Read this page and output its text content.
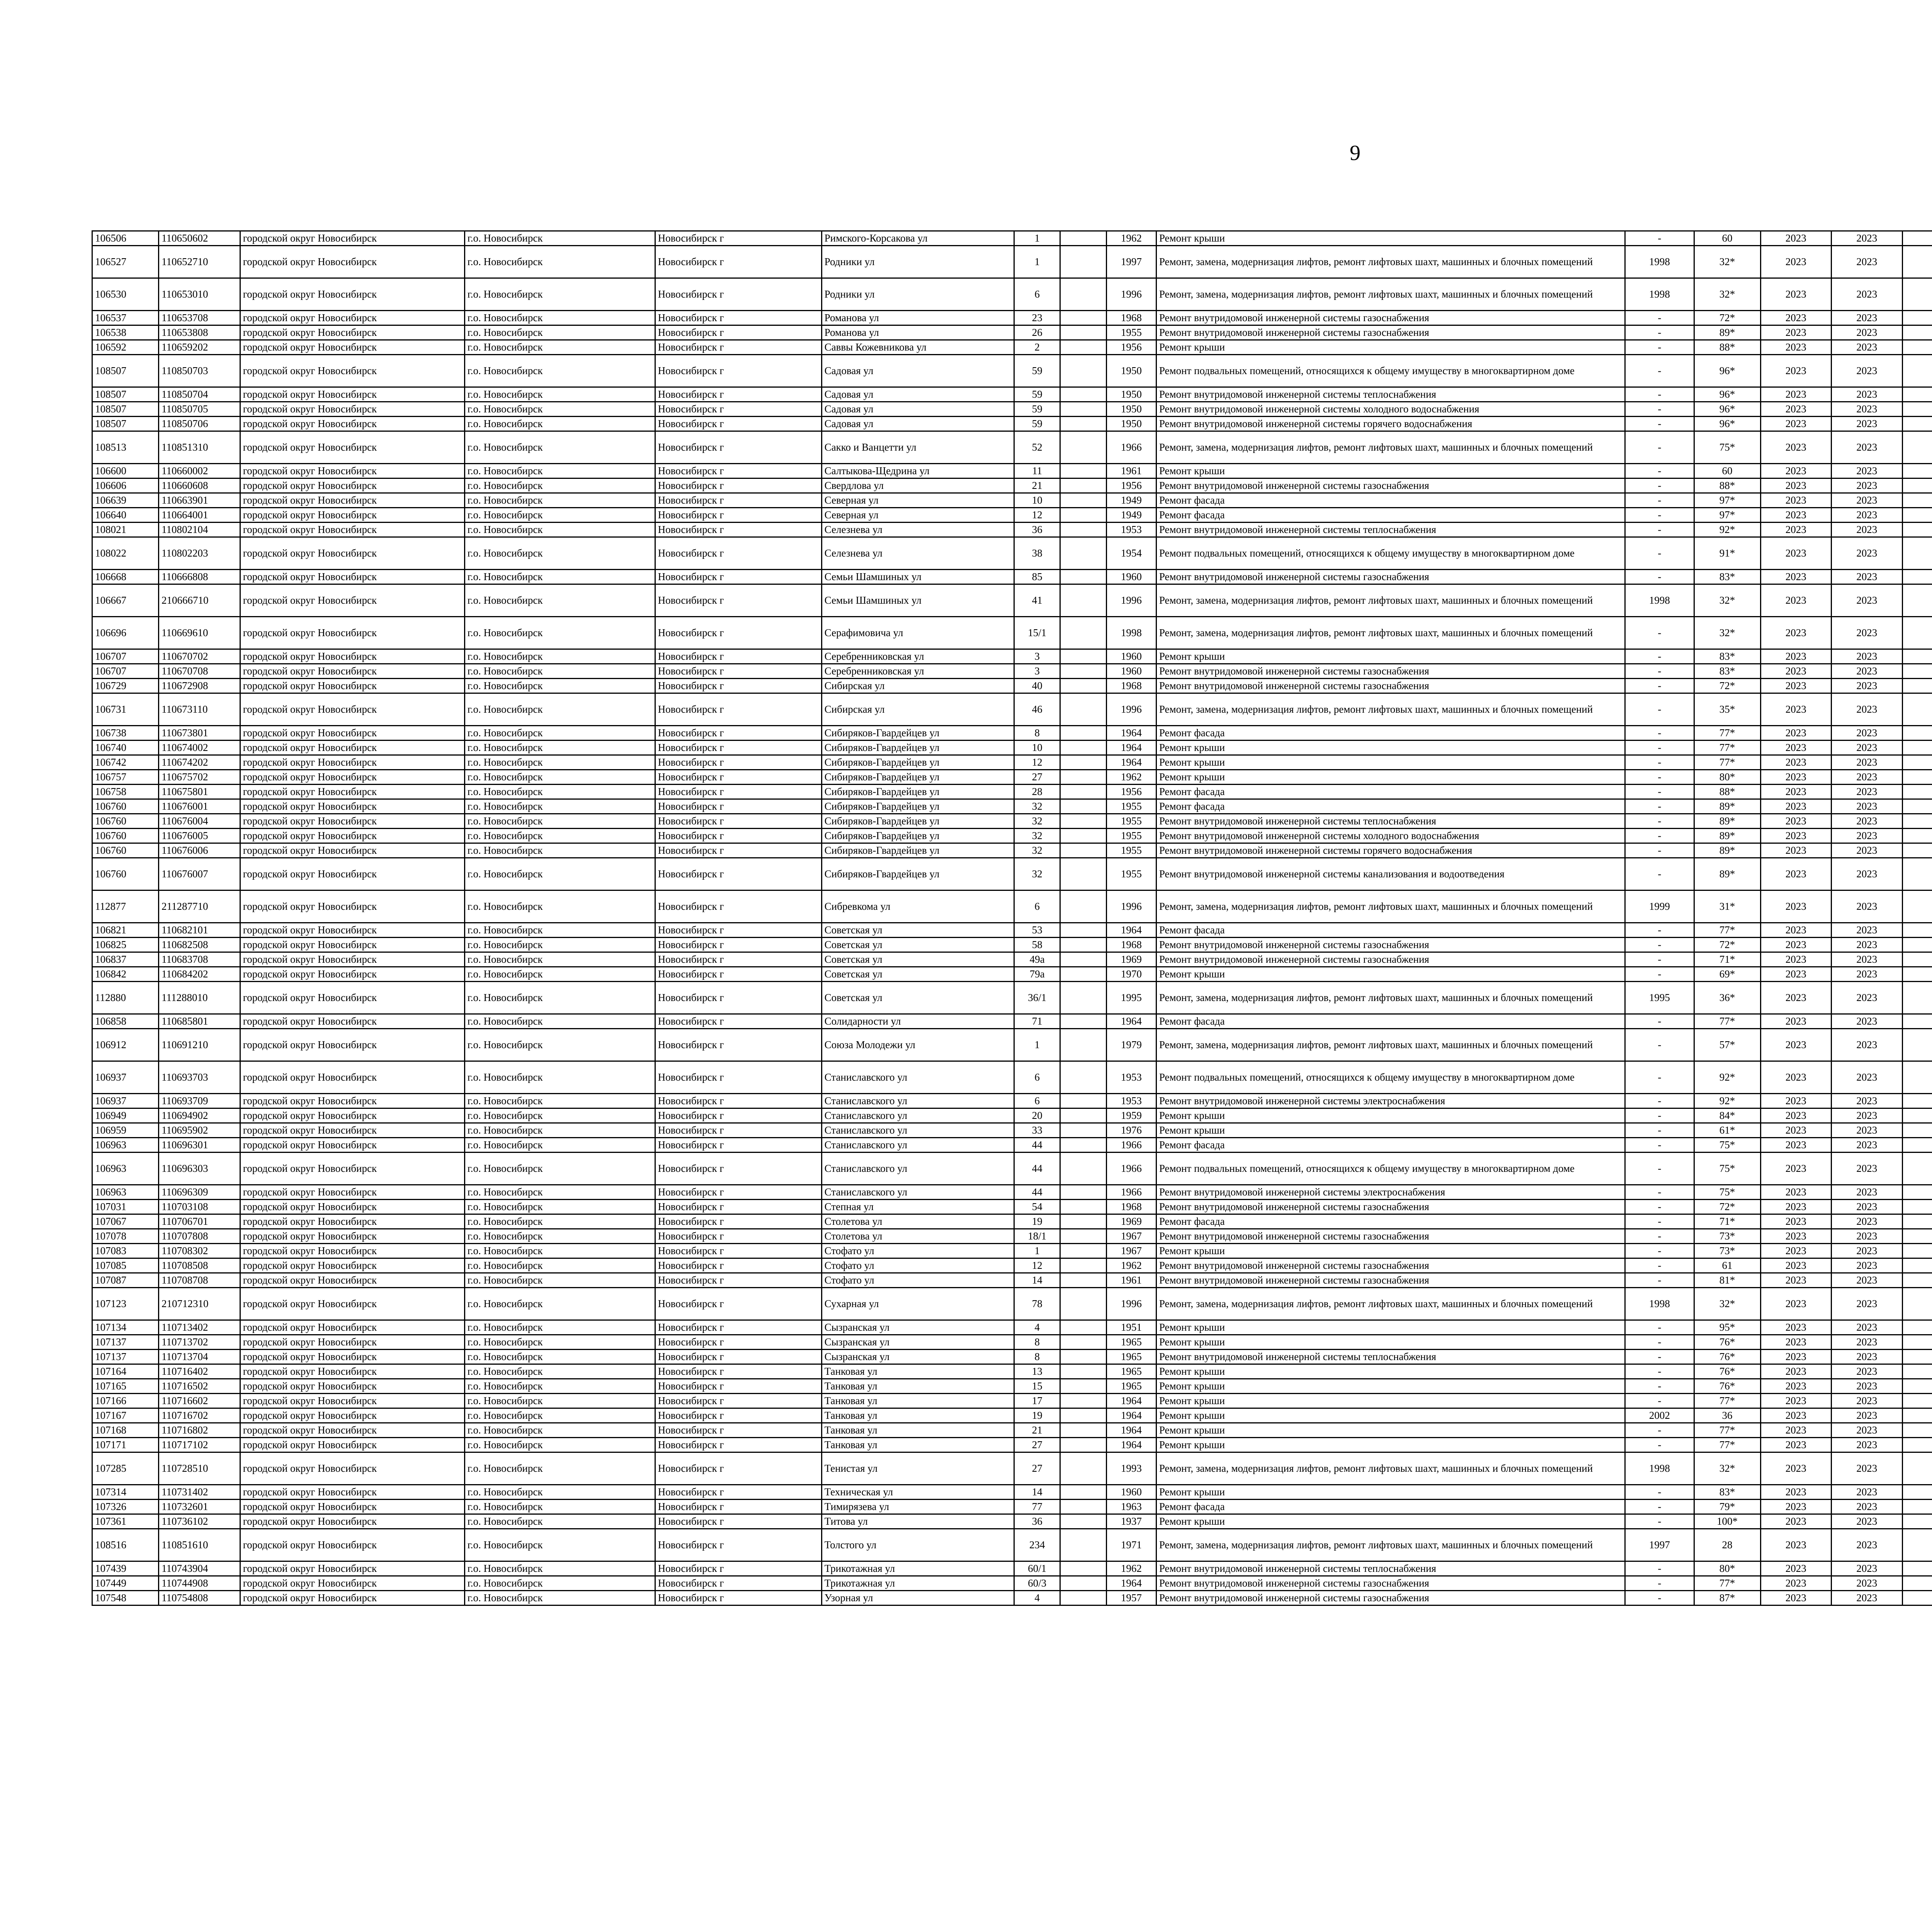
9
106506	110650602	городской округ Новосибирск	г.о. Новосибирск	Новосибирск г	Римского-Корсакова ул	1		1962	Ремонт крыши	-	60	2023	2023					
106527	110652710	городской округ Новосибирск	г.о. Новосибирск	Новосибирск г	Родники ул	1		1997	Ремонт, замена, модернизация лифтов, ремонт лифтовых шахт, машинных и блочных помещений	1998	32*	2023	2023					
106530	110653010	городской округ Новосибирск	г.о. Новосибирск	Новосибирск г	Родники ул	6		1996	Ремонт, замена, модернизация лифтов, ремонт лифтовых шахт, машинных и блочных помещений	1998	32*	2023	2023					
106537	110653708	городской округ Новосибирск	г.о. Новосибирск	Новосибирск г	Романова ул	23		1968	Ремонт внутридомовой инженерной системы газоснабжения	-	72*	2023	2023					
106538	110653808	городской округ Новосибирск	г.о. Новосибирск	Новосибирск г	Романова ул	26		1955	Ремонт внутридомовой инженерной системы газоснабжения	-	89*	2023	2023					
106592	110659202	городской округ Новосибирск	г.о. Новосибирск	Новосибирск г	Саввы Кожевникова ул	2		1956	Ремонт крыши	-	88*	2023	2023					
108507	110850703	городской округ Новосибирск	г.о. Новосибирск	Новосибирск г	Садовая ул	59		1950	Ремонт подвальных помещений, относящихся к общему имуществу в многоквартирном доме	-	96*	2023	2023					
108507	110850704	городской округ Новосибирск	г.о. Новосибирск	Новосибирск г	Садовая ул	59		1950	Ремонт внутридомовой инженерной системы теплоснабжения	-	96*	2023	2023					
108507	110850705	городской округ Новосибирск	г.о. Новосибирск	Новосибирск г	Садовая ул	59		1950	Ремонт внутридомовой инженерной системы холодного водоснабжения	-	96*	2023	2023					
108507	110850706	городской округ Новосибирск	г.о. Новосибирск	Новосибирск г	Садовая ул	59		1950	Ремонт внутридомовой инженерной системы горячего водоснабжения	-	96*	2023	2023					
108513	110851310	городской округ Новосибирск	г.о. Новосибирск	Новосибирск г	Сакко и Ванцетти ул	52		1966	Ремонт, замена, модернизация лифтов, ремонт лифтовых шахт, машинных и блочных помещений	-	75*	2023	2023					
106600	110660002	городской округ Новосибирск	г.о. Новосибирск	Новосибирск г	Салтыкова-Щедрина ул	11		1961	Ремонт крыши	-	60	2023	2023					
106606	110660608	городской округ Новосибирск	г.о. Новосибирск	Новосибирск г	Свердлова ул	21		1956	Ремонт внутридомовой инженерной системы газоснабжения	-	88*	2023	2023					
106639	110663901	городской округ Новосибирск	г.о. Новосибирск	Новосибирск г	Северная ул	10		1949	Ремонт фасада	-	97*	2023	2023					
106640	110664001	городской округ Новосибирск	г.о. Новосибирск	Новосибирск г	Северная ул	12		1949	Ремонт фасада	-	97*	2023	2023					
108021	110802104	городской округ Новосибирск	г.о. Новосибирск	Новосибирск г	Селезнева ул	36		1953	Ремонт внутридомовой инженерной системы теплоснабжения	-	92*	2023	2023					
108022	110802203	городской округ Новосибирск	г.о. Новосибирск	Новосибирск г	Селезнева ул	38		1954	Ремонт подвальных помещений, относящихся к общему имуществу в многоквартирном доме	-	91*	2023	2023					
106668	110666808	городской округ Новосибирск	г.о. Новосибирск	Новосибирск г	Семьи Шамшиных ул	85		1960	Ремонт внутридомовой инженерной системы газоснабжения	-	83*	2023	2023					
106667	210666710	городской округ Новосибирск	г.о. Новосибирск	Новосибирск г	Семьи Шамшиных ул	41		1996	Ремонт, замена, модернизация лифтов, ремонт лифтовых шахт, машинных и блочных помещений	1998	32*	2023	2023					
106696	110669610	городской округ Новосибирск	г.о. Новосибирск	Новосибирск г	Серафимовича ул	15/1		1998	Ремонт, замена, модернизация лифтов, ремонт лифтовых шахт, машинных и блочных помещений	-	32*	2023	2023					
106707	110670702	городской округ Новосибирск	г.о. Новосибирск	Новосибирск г	Серебренниковская ул	3		1960	Ремонт крыши	-	83*	2023	2023					
106707	110670708	городской округ Новосибирск	г.о. Новосибирск	Новосибирск г	Серебренниковская ул	3		1960	Ремонт внутридомовой инженерной системы газоснабжения	-	83*	2023	2023					
106729	110672908	городской округ Новосибирск	г.о. Новосибирск	Новосибирск г	Сибирская ул	40		1968	Ремонт внутридомовой инженерной системы газоснабжения	-	72*	2023	2023					
106731	110673110	городской округ Новосибирск	г.о. Новосибирск	Новосибирск г	Сибирская ул	46		1996	Ремонт, замена, модернизация лифтов, ремонт лифтовых шахт, машинных и блочных помещений	-	35*	2023	2023					
106738	110673801	городской округ Новосибирск	г.о. Новосибирск	Новосибирск г	Сибиряков-Гвардейцев ул	8		1964	Ремонт фасада	-	77*	2023	2023					
106740	110674002	городской округ Новосибирск	г.о. Новосибирск	Новосибирск г	Сибиряков-Гвардейцев ул	10		1964	Ремонт крыши	-	77*	2023	2023					
106742	110674202	городской округ Новосибирск	г.о. Новосибирск	Новосибирск г	Сибиряков-Гвардейцев ул	12		1964	Ремонт крыши	-	77*	2023	2023					
106757	110675702	городской округ Новосибирск	г.о. Новосибирск	Новосибирск г	Сибиряков-Гвардейцев ул	27		1962	Ремонт крыши	-	80*	2023	2023					
106758	110675801	городской округ Новосибирск	г.о. Новосибирск	Новосибирск г	Сибиряков-Гвардейцев ул	28		1956	Ремонт фасада	-	88*	2023	2023					
106760	110676001	городской округ Новосибирск	г.о. Новосибирск	Новосибирск г	Сибиряков-Гвардейцев ул	32		1955	Ремонт фасада	-	89*	2023	2023					
106760	110676004	городской округ Новосибирск	г.о. Новосибирск	Новосибирск г	Сибиряков-Гвардейцев ул	32		1955	Ремонт внутридомовой инженерной системы теплоснабжения	-	89*	2023	2023					
106760	110676005	городской округ Новосибирск	г.о. Новосибирск	Новосибирск г	Сибиряков-Гвардейцев ул	32		1955	Ремонт внутридомовой инженерной системы холодного водоснабжения	-	89*	2023	2023					
106760	110676006	городской округ Новосибирск	г.о. Новосибирск	Новосибирск г	Сибиряков-Гвардейцев ул	32		1955	Ремонт внутридомовой инженерной системы горячего водоснабжения	-	89*	2023	2023					
106760	110676007	городской округ Новосибирск	г.о. Новосибирск	Новосибирск г	Сибиряков-Гвардейцев ул	32		1955	Ремонт внутридомовой инженерной системы канализования и водоотведения	-	89*	2023	2023					
112877	211287710	городской округ Новосибирск	г.о. Новосибирск	Новосибирск г	Сибревкома ул	6		1996	Ремонт, замена, модернизация лифтов, ремонт лифтовых шахт, машинных и блочных помещений	1999	31*	2023	2023					
106821	110682101	городской округ Новосибирск	г.о. Новосибирск	Новосибирск г	Советская ул	53		1964	Ремонт фасада	-	77*	2023	2023					
106825	110682508	городской округ Новосибирск	г.о. Новосибирск	Новосибирск г	Советская ул	58		1968	Ремонт внутридомовой инженерной системы газоснабжения	-	72*	2023	2023					
106837	110683708	городской округ Новосибирск	г.о. Новосибирск	Новосибирск г	Советская ул	49а		1969	Ремонт внутридомовой инженерной системы газоснабжения	-	71*	2023	2023					
106842	110684202	городской округ Новосибирск	г.о. Новосибирск	Новосибирск г	Советская ул	79а		1970	Ремонт крыши	-	69*	2023	2023					
112880	111288010	городской округ Новосибирск	г.о. Новосибирск	Новосибирск г	Советская ул	36/1		1995	Ремонт, замена, модернизация лифтов, ремонт лифтовых шахт, машинных и блочных помещений	1995	36*	2023	2023					
106858	110685801	городской округ Новосибирск	г.о. Новосибирск	Новосибирск г	Солидарности ул	71		1964	Ремонт фасада	-	77*	2023	2023					
106912	110691210	городской округ Новосибирск	г.о. Новосибирск	Новосибирск г	Союза Молодежи ул	1		1979	Ремонт, замена, модернизация лифтов, ремонт лифтовых шахт, машинных и блочных помещений	-	57*	2023	2023					
106937	110693703	городской округ Новосибирск	г.о. Новосибирск	Новосибирск г	Станиславского ул	6		1953	Ремонт подвальных помещений, относящихся к общему имуществу в многоквартирном доме	-	92*	2023	2023					
106937	110693709	городской округ Новосибирск	г.о. Новосибирск	Новосибирск г	Станиславского ул	6		1953	Ремонт внутридомовой инженерной системы электроснабжения	-	92*	2023	2023					
106949	110694902	городской округ Новосибирск	г.о. Новосибирск	Новосибирск г	Станиславского ул	20		1959	Ремонт крыши	-	84*	2023	2023					
106959	110695902	городской округ Новосибирск	г.о. Новосибирск	Новосибирск г	Станиславского ул	33		1976	Ремонт крыши	-	61*	2023	2023					
106963	110696301	городской округ Новосибирск	г.о. Новосибирск	Новосибирск г	Станиславского ул	44		1966	Ремонт фасада	-	75*	2023	2023					
106963	110696303	городской округ Новосибирск	г.о. Новосибирск	Новосибирск г	Станиславского ул	44		1966	Ремонт подвальных помещений, относящихся к общему имуществу в многоквартирном доме	-	75*	2023	2023					
106963	110696309	городской округ Новосибирск	г.о. Новосибирск	Новосибирск г	Станиславского ул	44		1966	Ремонт внутридомовой инженерной системы электроснабжения	-	75*	2023	2023					
107031	110703108	городской округ Новосибирск	г.о. Новосибирск	Новосибирск г	Степная ул	54		1968	Ремонт внутридомовой инженерной системы газоснабжения	-	72*	2023	2023					
107067	110706701	городской округ Новосибирск	г.о. Новосибирск	Новосибирск г	Столетова ул	19		1969	Ремонт фасада	-	71*	2023	2023					
107078	110707808	городской округ Новосибирск	г.о. Новосибирск	Новосибирск г	Столетова ул	18/1		1967	Ремонт внутридомовой инженерной системы газоснабжения	-	73*	2023	2023					
107083	110708302	городской округ Новосибирск	г.о. Новосибирск	Новосибирск г	Стофато ул	1		1967	Ремонт крыши	-	73*	2023	2023					
107085	110708508	городской округ Новосибирск	г.о. Новосибирск	Новосибирск г	Стофато ул	12		1962	Ремонт внутридомовой инженерной системы газоснабжения	-	61	2023	2023					
107087	110708708	городской округ Новосибирск	г.о. Новосибирск	Новосибирск г	Стофато ул	14		1961	Ремонт внутридомовой инженерной системы газоснабжения	-	81*	2023	2023					
107123	210712310	городской округ Новосибирск	г.о. Новосибирск	Новосибирск г	Сухарная ул	78		1996	Ремонт, замена, модернизация лифтов, ремонт лифтовых шахт, машинных и блочных помещений	1998	32*	2023	2023					
107134	110713402	городской округ Новосибирск	г.о. Новосибирск	Новосибирск г	Сызранская ул	4		1951	Ремонт крыши	-	95*	2023	2023					
107137	110713702	городской округ Новосибирск	г.о. Новосибирск	Новосибирск г	Сызранская ул	8		1965	Ремонт крыши	-	76*	2023	2023					
107137	110713704	городской округ Новосибирск	г.о. Новосибирск	Новосибирск г	Сызранская ул	8		1965	Ремонт внутридомовой инженерной системы теплоснабжения	-	76*	2023	2023					
107164	110716402	городской округ Новосибирск	г.о. Новосибирск	Новосибирск г	Танковая ул	13		1965	Ремонт крыши	-	76*	2023	2023					
107165	110716502	городской округ Новосибирск	г.о. Новосибирск	Новосибирск г	Танковая ул	15		1965	Ремонт крыши	-	76*	2023	2023					
107166	110716602	городской округ Новосибирск	г.о. Новосибирск	Новосибирск г	Танковая ул	17		1964	Ремонт крыши	-	77*	2023	2023					
107167	110716702	городской округ Новосибирск	г.о. Новосибирск	Новосибирск г	Танковая ул	19		1964	Ремонт крыши	2002	36	2023	2023					
107168	110716802	городской округ Новосибирск	г.о. Новосибирск	Новосибирск г	Танковая ул	21		1964	Ремонт крыши	-	77*	2023	2023					
107171	110717102	городской округ Новосибирск	г.о. Новосибирск	Новосибирск г	Танковая ул	27		1964	Ремонт крыши	-	77*	2023	2023					
107285	110728510	городской округ Новосибирск	г.о. Новосибирск	Новосибирск г	Тенистая ул	27		1993	Ремонт, замена, модернизация лифтов, ремонт лифтовых шахт, машинных и блочных помещений	1998	32*	2023	2023					
107314	110731402	городской округ Новосибирск	г.о. Новосибирск	Новосибирск г	Техническая ул	14		1960	Ремонт крыши	-	83*	2023	2023					
107326	110732601	городской округ Новосибирск	г.о. Новосибирск	Новосибирск г	Тимирязева ул	77		1963	Ремонт фасада	-	79*	2023	2023					
107361	110736102	городской округ Новосибирск	г.о. Новосибирск	Новосибирск г	Титова ул	36		1937	Ремонт крыши	-	100*	2023	2023					
108516	110851610	городской округ Новосибирск	г.о. Новосибирск	Новосибирск г	Толстого ул	234		1971	Ремонт, замена, модернизация лифтов, ремонт лифтовых шахт, машинных и блочных помещений	1997	28	2023	2023					
107439	110743904	городской округ Новосибирск	г.о. Новосибирск	Новосибирск г	Трикотажная ул	60/1		1962	Ремонт внутридомовой инженерной системы теплоснабжения	-	80*	2023	2023					
107449	110744908	городской округ Новосибирск	г.о. Новосибирск	Новосибирск г	Трикотажная ул	60/3		1964	Ремонт внутридомовой инженерной системы газоснабжения	-	77*	2023	2023					
107548	110754808	городской округ Новосибирск	г.о. Новосибирск	Новосибирск г	Узорная ул	4		1957	Ремонт внутридомовой инженерной системы газоснабжения	-	87*	2023	2023					
